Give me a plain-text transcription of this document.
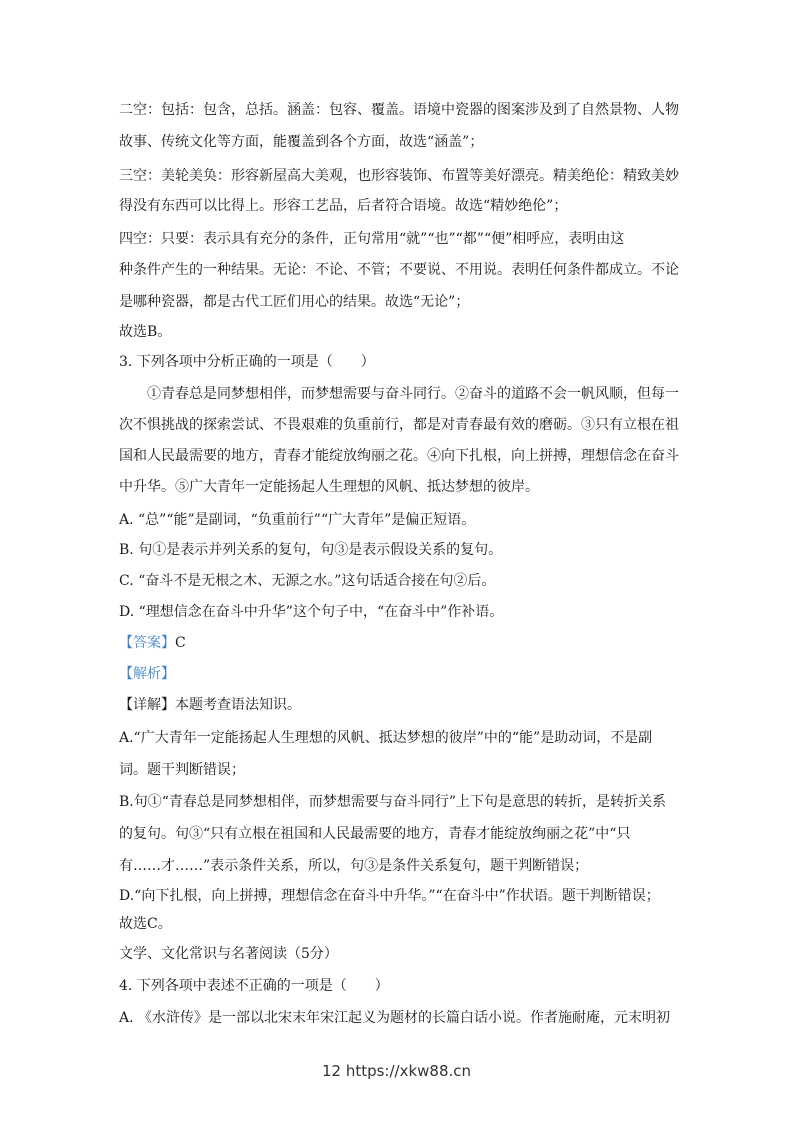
二空：包括：包含，总括。涵盖：包容、覆盖。语境中瓷器的图案涉及到了自然景物、人物
故事、传统文化等方面，能覆盖到各个方面，故选“涵盖”；
三空：美轮美奂：形容新屋高大美观，也形容装饰、布置等美好漂亮。精美绝伦：精致美妙
得没有东西可以比得上。形容工艺品，后者符合语境。故选“精妙绝伦”；
四空：只要：表示具有充分的条件，正句常用“就”“也”“都”“便”相呼应，表明由这
种条件产生的一种结果。无论：不论、不管；不要说、不用说。表明任何条件都成立。不论
是哪种瓷器，都是古代工匠们用心的结果。故选“无论”；
故选B。
3. 下列各项中分析正确的一项是（　　）
①青春总是同梦想相伴，而梦想需要与奋斗同行。②奋斗的道路不会一帆风顺，但每一
次不惧挑战的探索尝试、不畏艰难的负重前行，都是对青春最有效的磨砺。③只有立根在祖
国和人民最需要的地方，青春才能绽放绚丽之花。④向下扎根，向上拼搏，理想信念在奋斗
中升华。⑤广大青年一定能扬起人生理想的风帆、抵达梦想的彼岸。
A. “总”“能”是副词，“负重前行”“广大青年”是偏正短语。
B. 句①是表示并列关系的复句，句③是表示假设关系的复句。
C. “奋斗不是无根之木、无源之水。”这句话适合接在句②后。
D. “理想信念在奋斗中升华”这个句子中，“在奋斗中”作补语。
【答案】C
【解析】
【详解】本题考查语法知识。
A.“广大青年一定能扬起人生理想的风帆、抵达梦想的彼岸”中的“能”是助动词，不是副
词。题干判断错误；
B.句①“青春总是同梦想相伴，而梦想需要与奋斗同行”上下句是意思的转折，是转折关系
的复句。句③“只有立根在祖国和人民最需要的地方，青春才能绽放绚丽之花”中“只
有……才……”表示条件关系，所以，句③是条件关系复句，题干判断错误；
D.“向下扎根，向上拼搏，理想信念在奋斗中升华。”“在奋斗中”作状语。题干判断错误；
故选C。
文学、文化常识与名著阅读（5分）
4. 下列各项中表述不正确的一项是（　　）
A. 《水浒传》是一部以北宋末年宋江起义为题材的长篇白话小说。作者施耐庵，元末明初
12 https://xkw88.cn
